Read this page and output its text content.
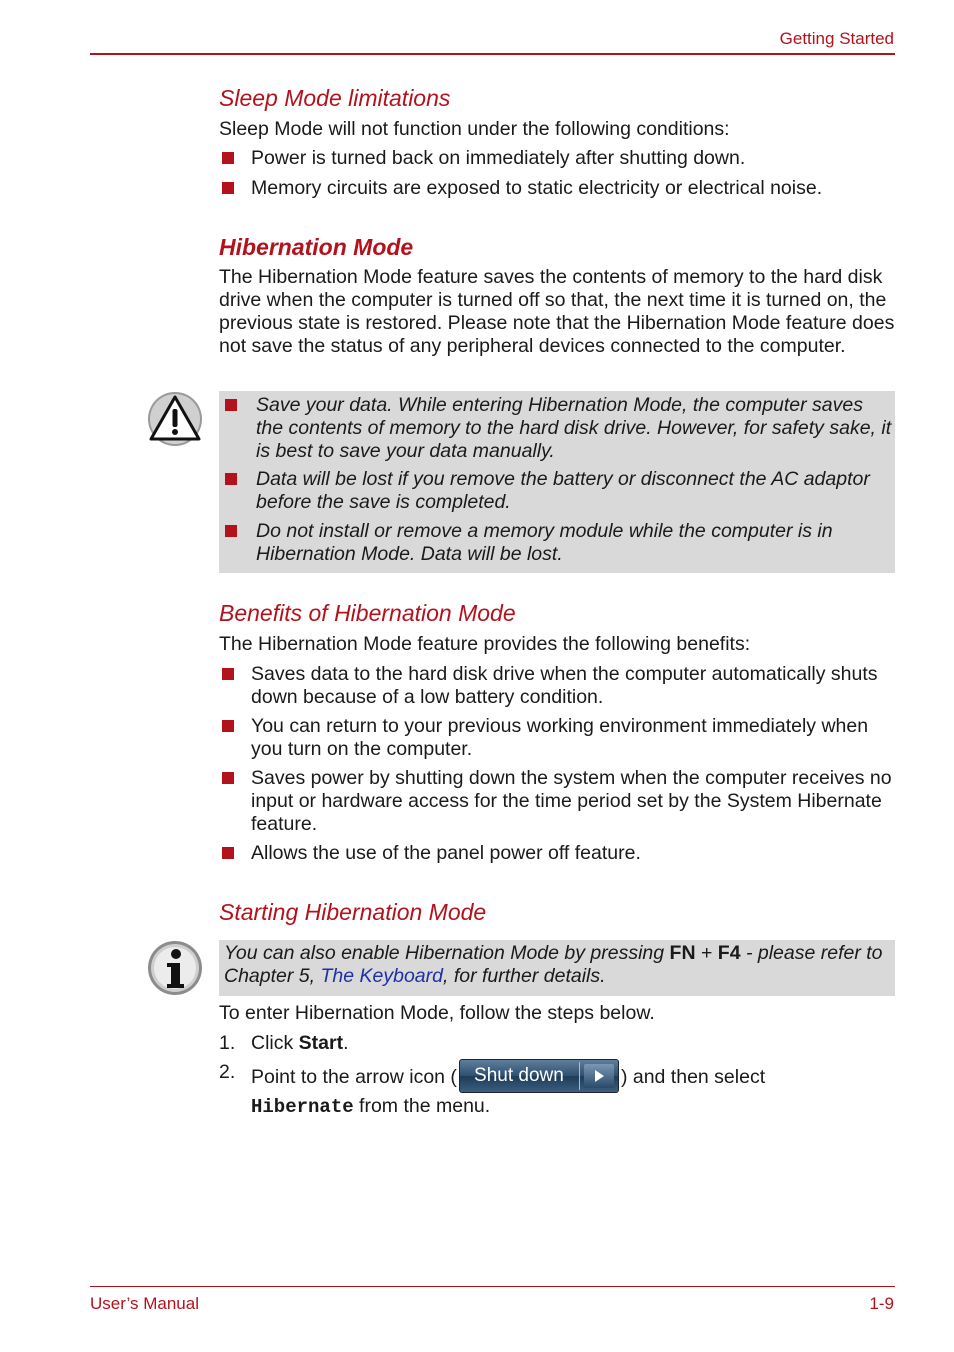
Getting Started
Sleep Mode limitations
Sleep Mode will not function under the following conditions:
Power is turned back on immediately after shutting down.
Memory circuits are exposed to static electricity or electrical noise.
Hibernation Mode
The Hibernation Mode feature saves the contents of memory to the hard disk drive when the computer is turned off so that, the next time it is turned on, the previous state is restored. Please note that the Hibernation Mode feature does not save the status of any peripheral devices connected to the computer.
Save your data. While entering Hibernation Mode, the computer saves the contents of memory to the hard disk drive. However, for safety sake, it is best to save your data manually.
Data will be lost if you remove the battery or disconnect the AC adaptor before the save is completed.
Do not install or remove a memory module while the computer is in Hibernation Mode. Data will be lost.
Benefits of Hibernation Mode
The Hibernation Mode feature provides the following benefits:
Saves data to the hard disk drive when the computer automatically shuts down because of a low battery condition.
You can return to your previous working environment immediately when you turn on the computer.
Saves power by shutting down the system when the computer receives no input or hardware access for the time period set by the System Hibernate feature.
Allows the use of the panel power off feature.
Starting Hibernation Mode
You can also enable Hibernation Mode by pressing FN + F4 - please refer to Chapter 5, The Keyboard, for further details.
To enter Hibernation Mode, follow the steps below.
1. Click Start.
2. Point to the arrow icon ( Shut down	) and then select
Hibernate from the menu.
User’s Manual	1-9
